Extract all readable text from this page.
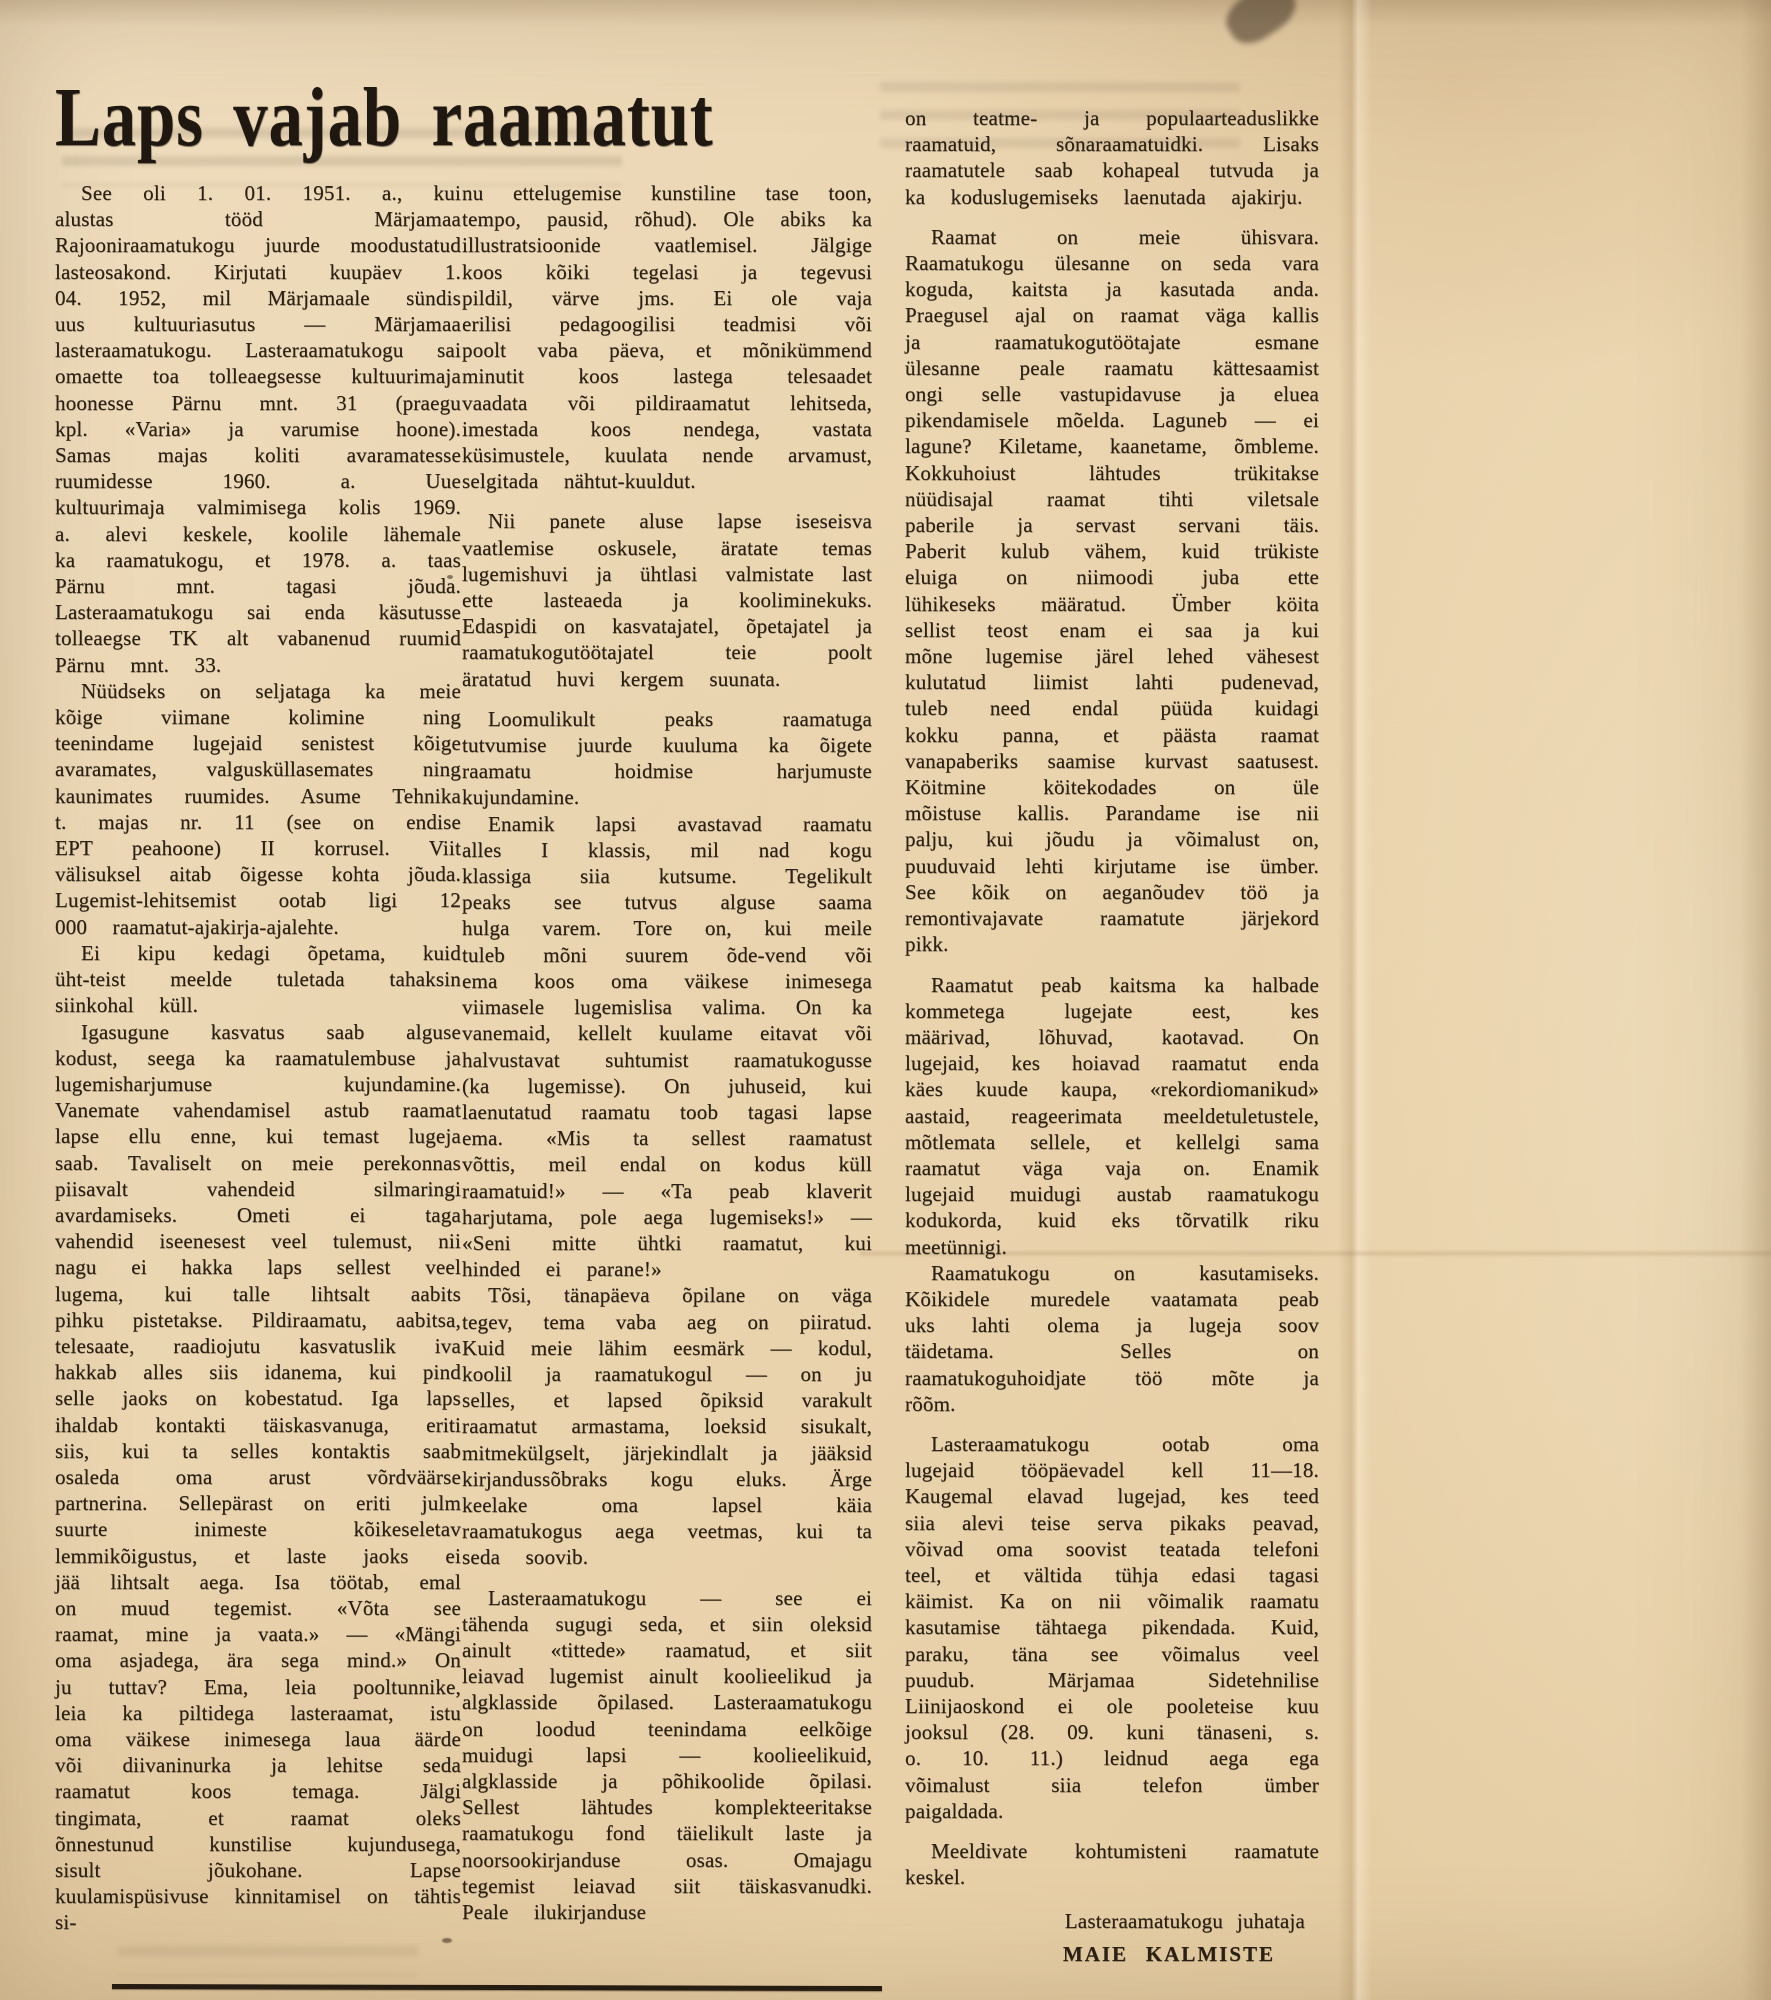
Laps vajab raamatut

See oli 1. 01. 1951. a., kui alustas tööd Märjamaa Rajooniraamatukogu juurde moodustatud lasteosakond. Kirjutati kuupäev 1. 04. 1952, mil Märjamaale sündis uus kultuuriasutus — Märjamaa lasteraamatukogu. Lasteraamatukogu sai omaette toa tolleaegsesse kultuurimaja hoonesse Pärnu mnt. 31 (praegu kpl. «Varia» ja varumise hoone). Samas majas koliti avaramatesse ruumidesse 1960. a. Uue kultuurimaja valmimisega kolis 1969. a. alevi keskele, koolile lähemale ka raamatukogu, et 1978. a. taas Pärnu mnt. tagasi jõuda. Lasteraamatukogu sai enda käsutusse tolleaegse TK alt vabanenud ruumid Pärnu mnt. 33.

Nüüdseks on seljataga ka meie kõige viimane kolimine ning teenindame lugejaid senistest kõige avaramates, valgusküllasemates ning kaunimates ruumides. Asume Tehnika t. majas nr. 11 (see on endise EPT peahoone) II korrusel. Viit välisuksel aitab õigesse kohta jõuda. Lugemist-lehitsemist ootab ligi 12 000 raamatut-ajakirja-ajalehte.

Ei kipu kedagi õpetama, kuid üht-teist meelde tuletada tahaksin siinkohal küll.

Igasugune kasvatus saab alguse kodust, seega ka raamatulembuse ja lugemisharjumuse kujundamine. Vanemate vahendamisel astub raamat lapse ellu enne, kui temast lugeja saab. Tavaliselt on meie perekonnas piisavalt vahendeid silmaringi avardamiseks. Ometi ei taga vahendid iseenesest veel tulemust, nii nagu ei hakka laps sellest veel lugema, kui talle lihtsalt aabits pihku pistetakse. Pildiraamatu, aabitsa, telesaate, raadiojutu kasvatuslik iva hakkab alles siis idanema, kui pind selle jaoks on kobestatud. Iga laps ihaldab kontakti täiskasvanuga, eriti siis, kui ta selles kontaktis saab osaleda oma arust võrdväärse partnerina. Sellepärast on eriti julm suurte inimeste kõikeseletav lemmikõigustus, et laste jaoks ei jää lihtsalt aega. Isa töötab, emal on muud tegemist. «Võta see raamat, mine ja vaata.» — «Mängi oma asjadega, ära sega mind.» On ju tuttav? Ema, leia pooltunnike, leia ka piltidega lasteraamat, istu oma väikese inimesega laua äärde või diivaninurka ja lehitse seda raamatut koos temaga. Jälgi tingimata, et raamat oleks õnnestunud kunstilise kujundusega, sisult jõukohane. Lapse kuulamispüsivuse kinnitamisel on tähtis si-

nu ettelugemise kunstiline tase toon, tempo, pausid, rõhud). Ole abiks ka illustratsioonide vaatlemisel. Jälgige koos kõiki tegelasi ja tegevusi pildil, värve jms. Ei ole vaja erilisi pedagoogilisi teadmisi või poolt vaba päeva, et mõnikümmend minutit koos lastega telesaadet vaadata või pildiraamatut lehitseda, imestada koos nendega, vastata küsimustele, kuulata nende arvamust, selgitada nähtut-kuuldut.

Nii panete aluse lapse iseseisva vaatlemise oskusele, äratate temas lugemishuvi ja ühtlasi valmistate last ette lasteaeda ja kooliminekuks. Edaspidi on kasvatajatel, õpetajatel ja raamatukogutöötajatel teie poolt äratatud huvi kergem suunata.

Loomulikult peaks raamatuga tutvumise juurde kuuluma ka õigete raamatu hoidmise harjumuste kujundamine.

Enamik lapsi avastavad raamatu alles I klassis, mil nad kogu klassiga siia kutsume. Tegelikult peaks see tutvus alguse saama hulga varem. Tore on, kui meile tuleb mõni suurem õde-vend või ema koos oma väikese inimesega viimasele lugemislisa valima. On ka vanemaid, kellelt kuulame eitavat või halvustavat suhtumist raamatukogusse (ka lugemisse). On juhuseid, kui laenutatud raamatu toob tagasi lapse ema. «Mis ta sellest raamatust võttis, meil endal on kodus küll raamatuid!» — «Ta peab klaverit harjutama, pole aega lugemiseks!» — «Seni mitte ühtki raamatut, kui hinded ei parane!»

Tõsi, tänapäeva õpilane on väga tegev, tema vaba aeg on piiratud. Kuid meie lähim eesmärk — kodul, koolil ja raamatukogul — on ju selles, et lapsed õpiksid varakult raamatut armastama, loeksid sisukalt, mitmekülgselt, järjekindlalt ja jääksid kirjandussõbraks kogu eluks. Ärge keelake oma lapsel käia raamatukogus aega veetmas, kui ta seda soovib.

Lasteraamatukogu — see ei tähenda sugugi seda, et siin oleksid ainult «tittede» raamatud, et siit leiavad lugemist ainult koolieelikud ja algklasside õpilased. Lasteraamatukogu on loodud teenindama eelkõige muidugi lapsi — koolieelikuid, algklasside ja põhikoolide õpilasi. Sellest lähtudes komplekteeritakse raamatukogu fond täielikult laste ja noorsookirjanduse osas. Omajagu tegemist leiavad siit täiskasvanudki. Peale ilukirjanduse

on teatme- ja populaarteaduslikke raamatuid, sõnaraamatuidki. Lisaks raamatutele saab kohapeal tutvuda ja ka koduslugemiseks laenutada ajakirju.

Raamat on meie ühisvara. Raamatukogu ülesanne on seda vara koguda, kaitsta ja kasutada anda. Praegusel ajal on raamat väga kallis ja raamatukogutöötajate esmane ülesanne peale raamatu kättesaamist ongi selle vastupidavuse ja eluea pikendamisele mõelda. Laguneb — ei lagune? Kiletame, kaanetame, õmbleme. Kokkuhoiust lähtudes trükitakse nüüdisajal raamat tihti viletsale paberile ja servast servani täis. Paberit kulub vähem, kuid trükiste eluiga on niimoodi juba ette lühikeseks määratud. Ümber köita sellist teost enam ei saa ja kui mõne lugemise järel lehed vähesest kulutatud liimist lahti pudenevad, tuleb need endal püüda kuidagi kokku panna, et päästa raamat vanapaberiks saamise kurvast saatusest. Köitmine köitekodades on üle mõistuse kallis. Parandame ise nii palju, kui jõudu ja võimalust on, puuduvaid lehti kirjutame ise ümber. See kõik on aeganõudev töö ja remontivajavate raamatute järjekord pikk.

Raamatut peab kaitsma ka halbade kommetega lugejate eest, kes määrivad, lõhuvad, kaotavad. On lugejaid, kes hoiavad raamatut enda käes kuude kaupa, «rekordiomanikud» aastaid, reageerimata meeldetuletustele, mõtlemata sellele, et kellelgi sama raamatut väga vaja on. Enamik lugejaid muidugi austab raamatukogu kodukorda, kuid eks tõrvatilk riku meetünnigi.

Raamatukogu on kasutamiseks. Kõikidele muredele vaatamata peab uks lahti olema ja lugeja soov täidetama. Selles on raamatukoguhoidjate töö mõte ja rõõm.

Lasteraamatukogu ootab oma lugejaid tööpäevadel kell 11—18. Kaugemal elavad lugejad, kes teed siia alevi teise serva pikaks peavad, võivad oma soovist teatada telefoni teel, et vältida tühja edasi tagasi käimist. Ka on nii võimalik raamatu kasutamise tähtaega pikendada. Kuid, paraku, täna see võimalus veel puudub. Märjamaa Sidetehnilise Liinijaoskond ei ole pooleteise kuu jooksul (28. 09. kuni tänaseni, s. o. 10. 11.) leidnud aega ega võimalust siia telefon ümber paigaldada.

Meeldivate kohtumisteni raamatute keskel.

Lasteraamatukogu juhataja
MAIE KALMISTE
